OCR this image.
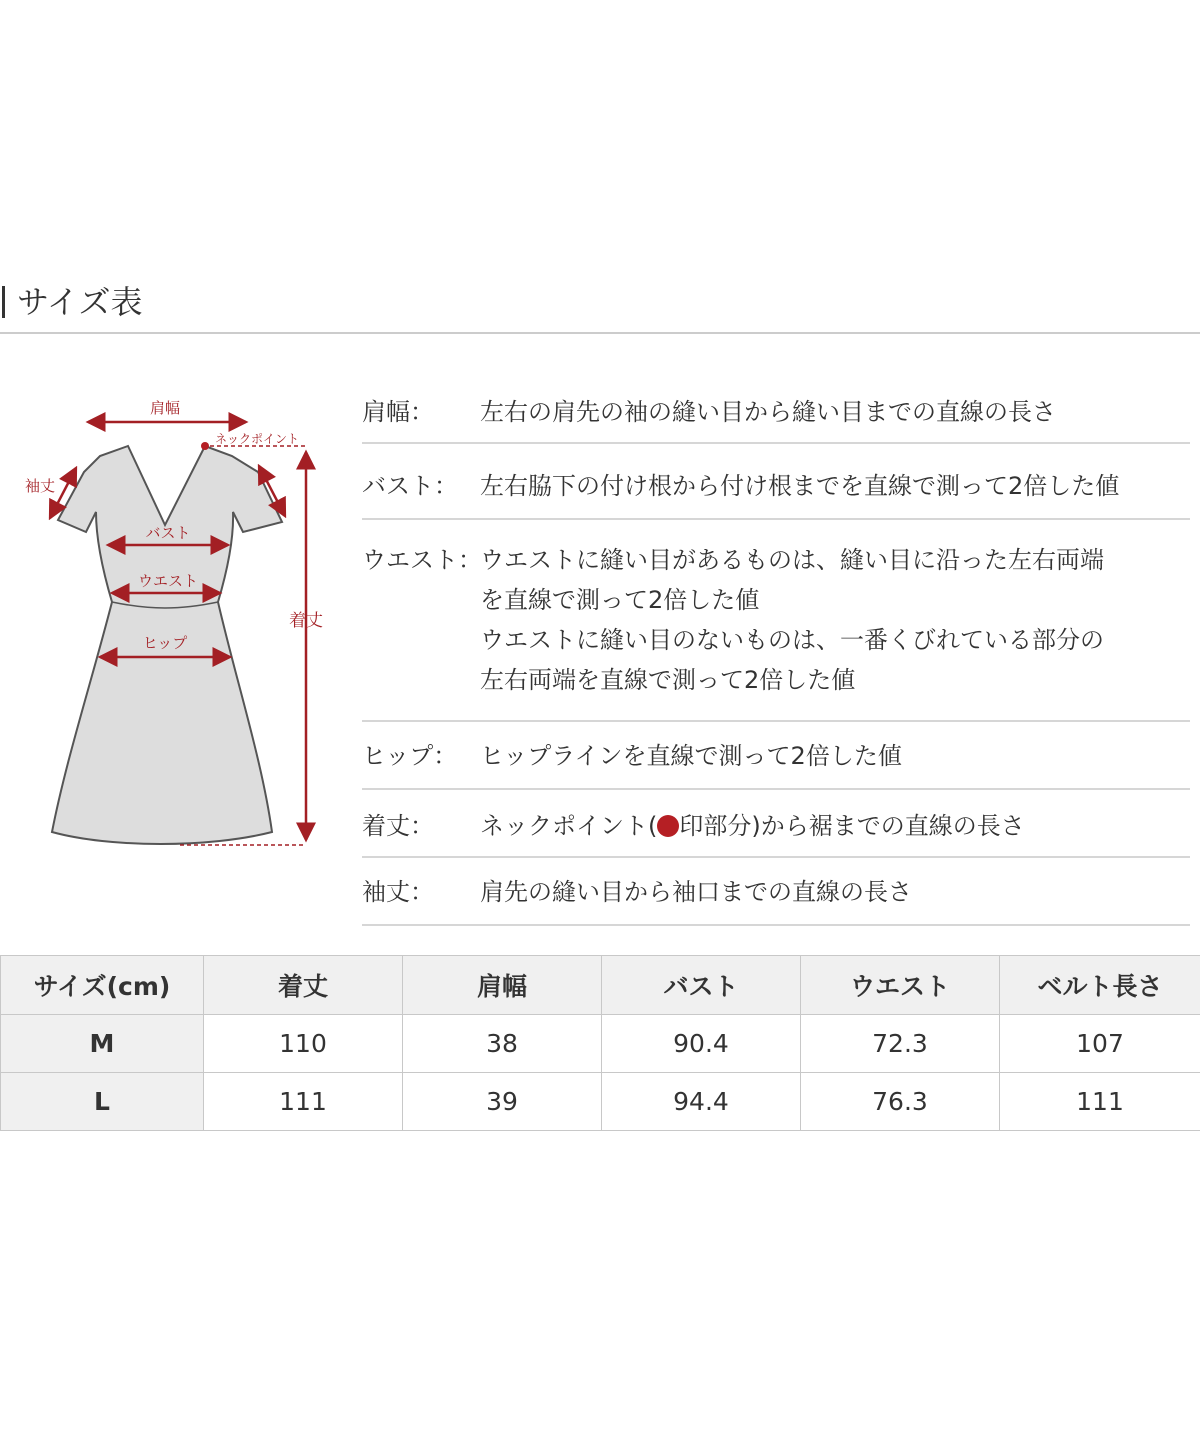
サイズ表
肩幅
ネックポイント
着丈
袖丈
バスト
ウエスト
ヒップ
肩幅：	左右の肩先の袖の縫い目から縫い目までの直線の長さ
バスト： 左右脇下の付け根から付け根までを直線で測って2倍した値
ウエスト：
ウエストに縫い目があるものは、縫い目に沿った左右両端
を直線で測って2倍した値
ウエストに縫い目のないものは、一番くびれている部分の
左右両端を直線で測って2倍した値
ヒップ： ヒップラインを直線で測って2倍した値
着丈：	ネックポイント( 印部分)から裾までの直線の長さ
袖丈：	肩先の縫い目から袖口までの直線の長さ
サイズ(cm)	着丈	肩幅	バスト	ウエスト	ベルト長さ
M	110	38	90.4	72.3	107
L	111	39	94.4	76.3	111
